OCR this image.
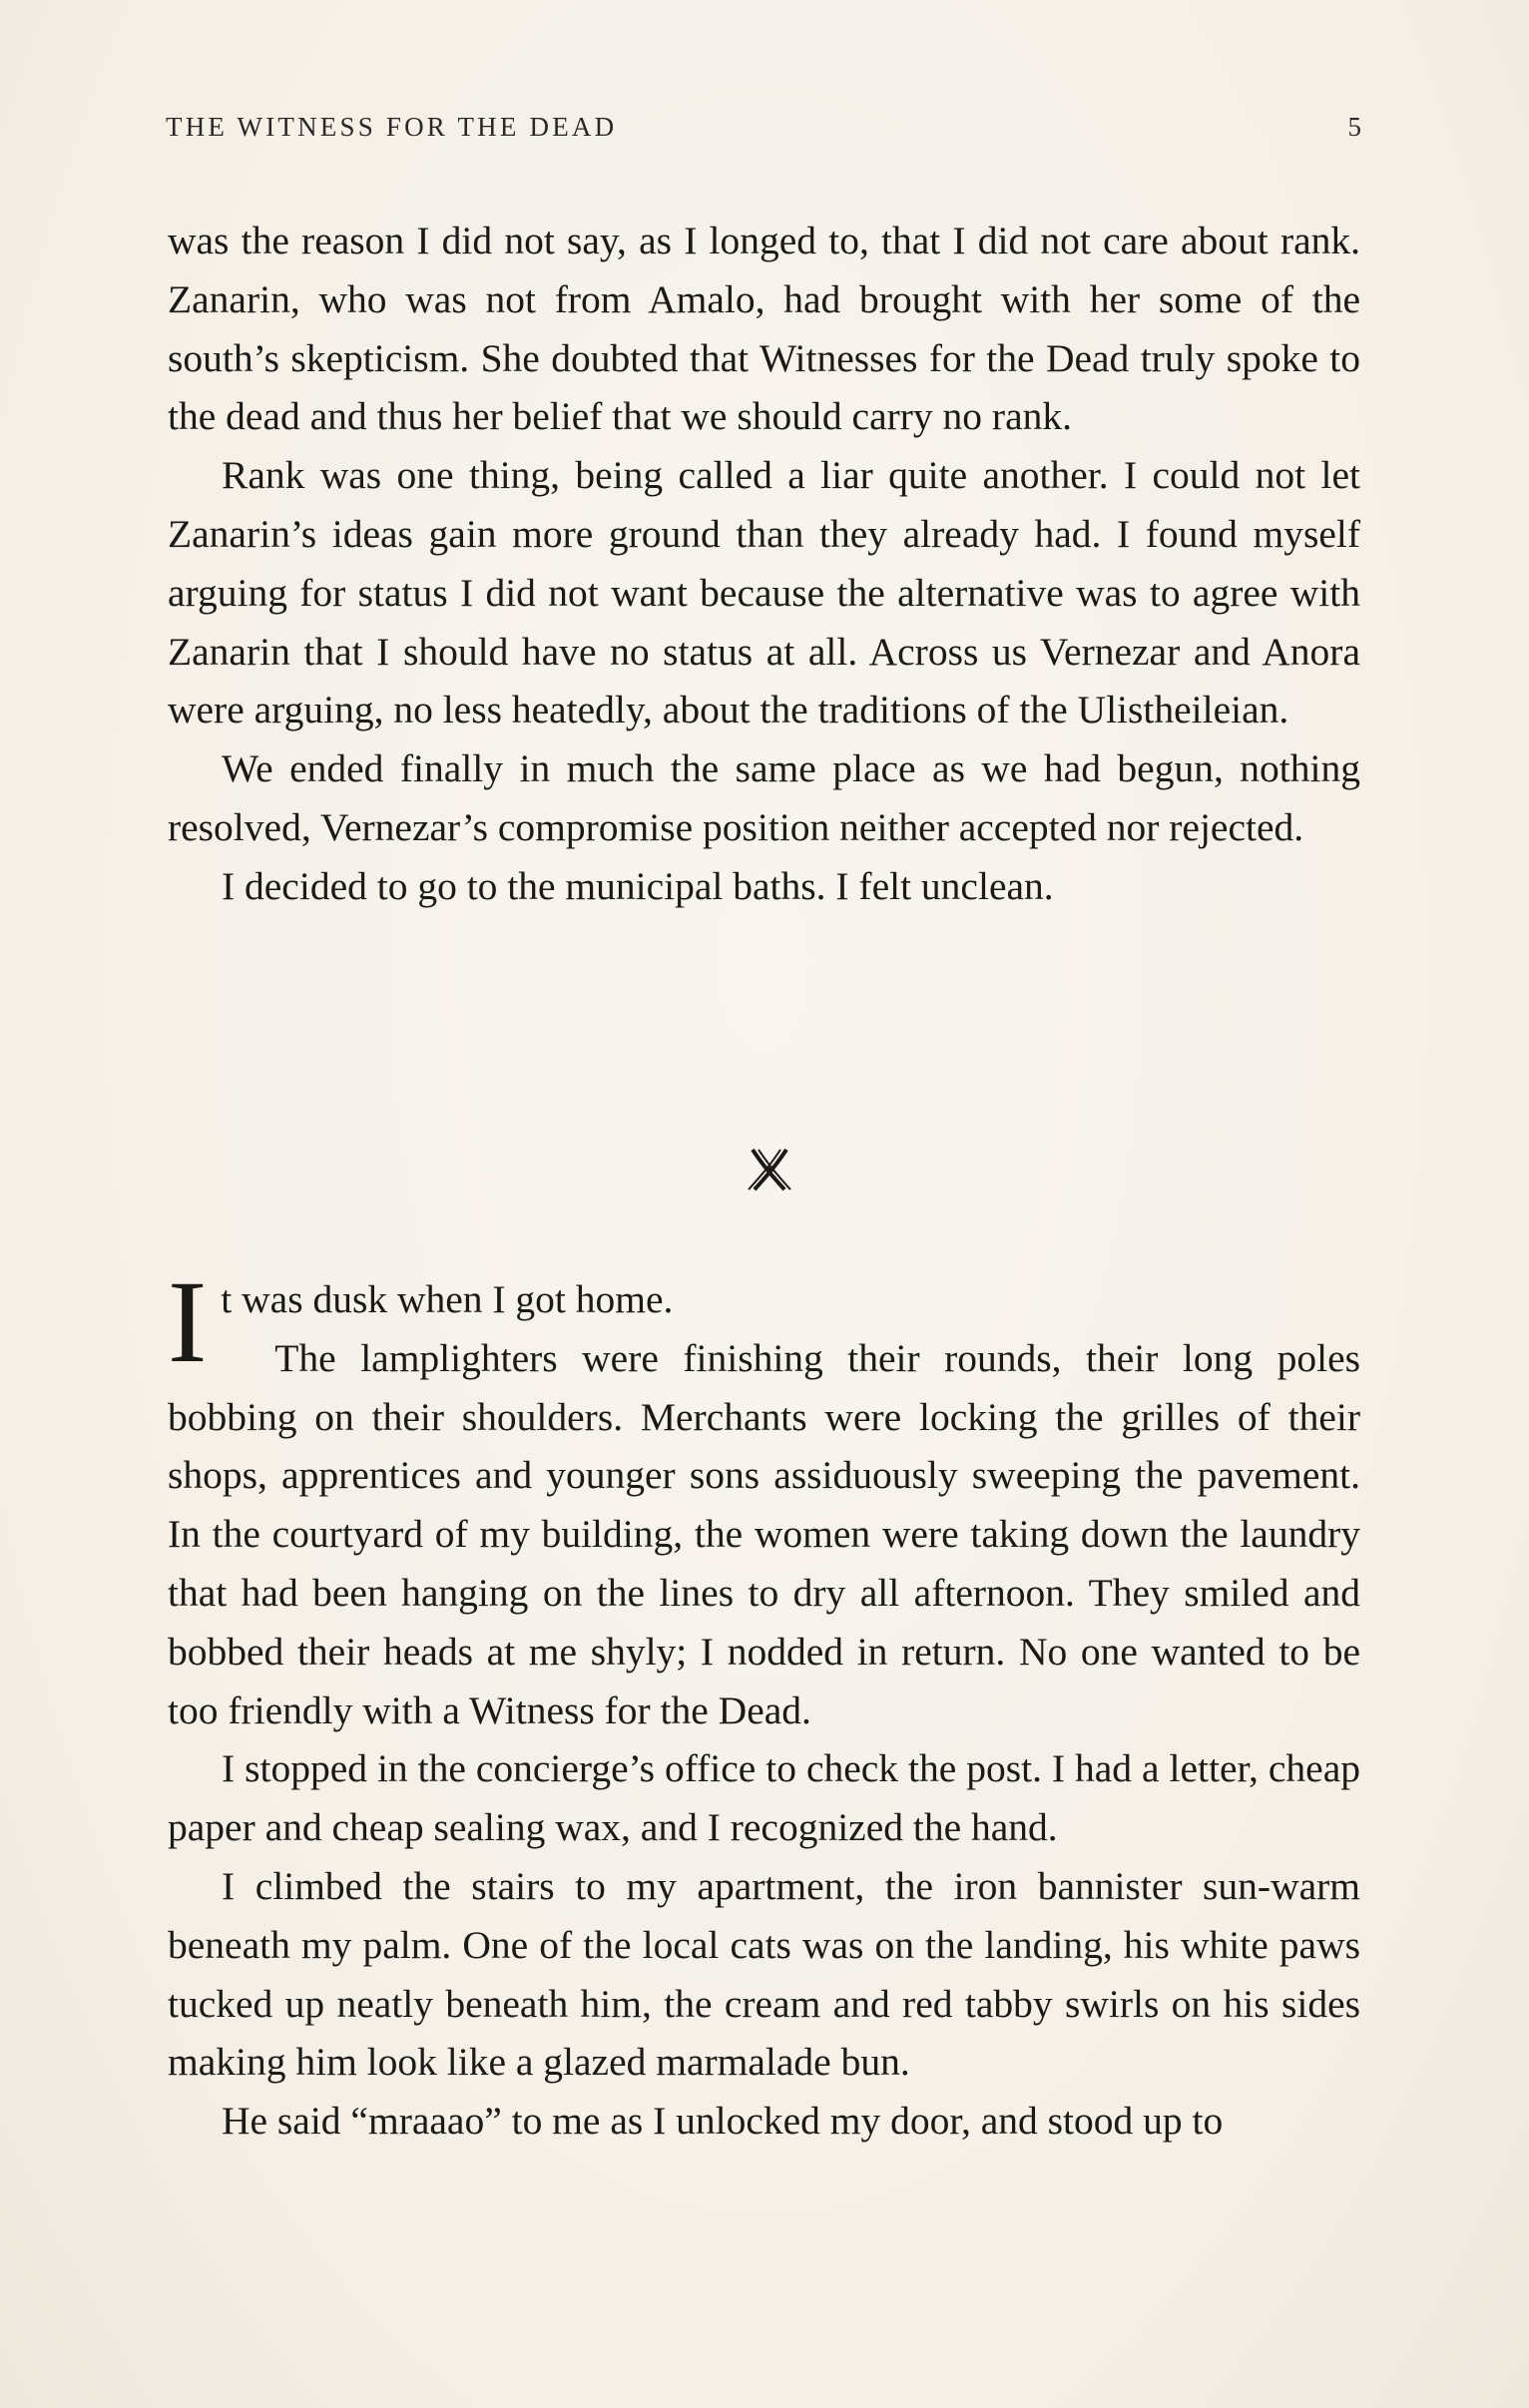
THE WITNESS FOR THE DEAD	5

was the reason I did not say, as I longed to, that I did not care about rank. Zanarin, who was not from Amalo, had brought with her some of the south’s skepticism. She doubted that Witnesses for the Dead truly spoke to the dead and thus her belief that we should carry no rank.

Rank was one thing, being called a liar quite another. I could not let Zanarin’s ideas gain more ground than they already had. I found myself arguing for status I did not want because the alternative was to agree with Zanarin that I should have no status at all. Across us Vernezar and Anora were arguing, no less heatedly, about the traditions of the Ulistheileian.

We ended finally in much the same place as we had begun, nothing resolved, Vernezar’s compromise position neither accepted nor rejected.

I decided to go to the municipal baths. I felt unclean.

It was dusk when I got home.

The lamplighters were finishing their rounds, their long poles bobbing on their shoulders. Merchants were locking the grilles of their shops, apprentices and younger sons assiduously sweeping the pavement. In the courtyard of my building, the women were taking down the laundry that had been hanging on the lines to dry all afternoon. They smiled and bobbed their heads at me shyly; I nodded in return. No one wanted to be too friendly with a Witness for the Dead.

I stopped in the concierge’s office to check the post. I had a letter, cheap paper and cheap sealing wax, and I recognized the hand.

I climbed the stairs to my apartment, the iron bannister sun-warm beneath my palm. One of the local cats was on the landing, his white paws tucked up neatly beneath him, the cream and red tabby swirls on his sides making him look like a glazed marmalade bun.

He said “mraaao” to me as I unlocked my door, and stood up to
